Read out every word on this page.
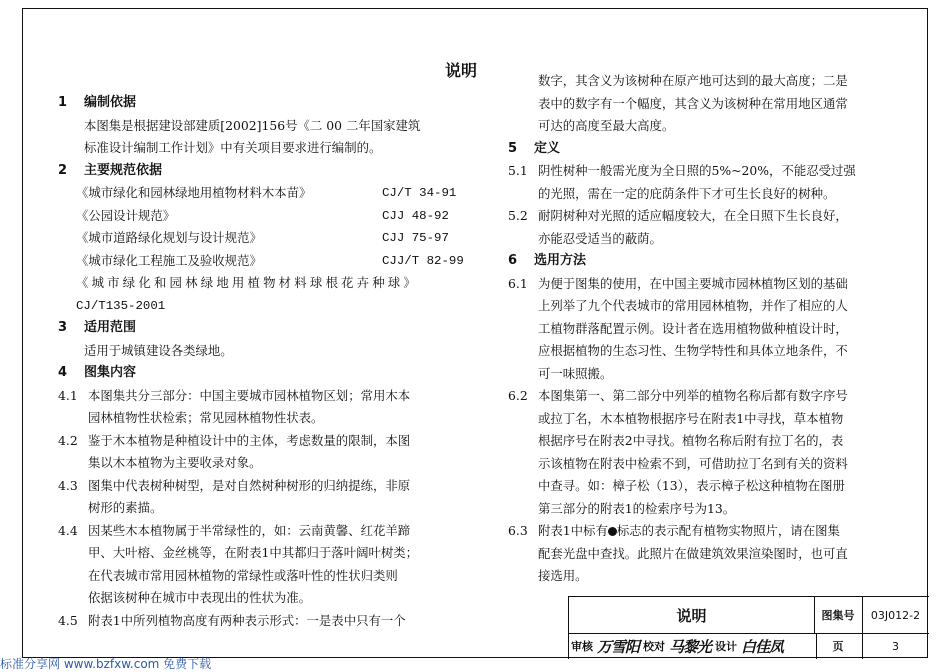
说明
1 编制依据
本图集是根据建设部建质[2002]156号《二 00 二年国家建筑
标准设计编制工作计划》中有关项目要求进行编制的。
2 主要规范依据
《城市绿化和园林绿地用植物材料木本苗》	CJ/T 34-91
《公园设计规范》	CJJ 48-92
《城市道路绿化规划与设计规范》	CJJ 75-97
《城市绿化工程施工及验收规范》	CJJ/T 82-99
《城市绿化和园林绿地用植物材料球根花卉种球》
CJ/T135-2001
3 适用范围
适用于城镇建设各类绿地。
4 图集内容
4.1 本图集共分三部分：中国主要城市园林植物区划；常用木本
园林植物性状检索；常见园林植物性状表。
4.2 鉴于木本植物是种植设计中的主体，考虑数量的限制，本图
集以木本植物为主要收录对象。
4.3 图集中代表树种树型，是对自然树种树形的归纳提练，非原
树形的素描。
4.4 因某些木本植物属于半常绿性的，如：云南黄馨、红花羊蹄
甲、大叶榕、金丝桃等，在附表1中其都归于落叶阔叶树类；
在代表城市常用园林植物的常绿性或落叶性的性状归类则
依据该树种在城市中表现出的性状为准。
4.5 附表1中所列植物高度有两种表示形式：一是表中只有一个
数字，其含义为该树种在原产地可达到的最大高度；二是
表中的数字有一个幅度，其含义为该树种在常用地区通常
可达的高度至最大高度。
5 定义
5.1 阴性树种一般需光度为全日照的5%~20%，不能忍受过强
的光照，需在一定的庇荫条件下才可生长良好的树种。
5.2 耐阴树种对光照的适应幅度较大，在全日照下生长良好，
亦能忍受适当的蔽荫。
6 选用方法
6.1 为便于图集的使用，在中国主要城市园林植物区划的基础
上列举了九个代表城市的常用园林植物，并作了相应的人
工植物群落配置示例。设计者在选用植物做种植设计时，
应根据植物的生态习性、生物学特性和具体立地条件，不
可一味照搬。
6.2 本图集第一、第二部分中列举的植物名称后都有数字序号
或拉丁名，木本植物根据序号在附表1中寻找，草本植物
根据序号在附表2中寻找。植物名称后附有拉丁名的，表
示该植物在附表中检索不到，可借助拉丁名到有关的资料
中查寻。如：樟子松（13），表示樟子松这种植物在图册
第三部分的附表1的检索序号为13。
6.3 附表1中标有 标志的表示配有植物实物照片，请在图集
配套光盘中查找。此照片在做建筑效果渲染图时，也可直
接选用。
说明	图集号	03J012-2
审核 万雪阳 校对 马黎光 设计 白佳凤	页	3
标准分享网 www.bzfxw.com 免费下载
